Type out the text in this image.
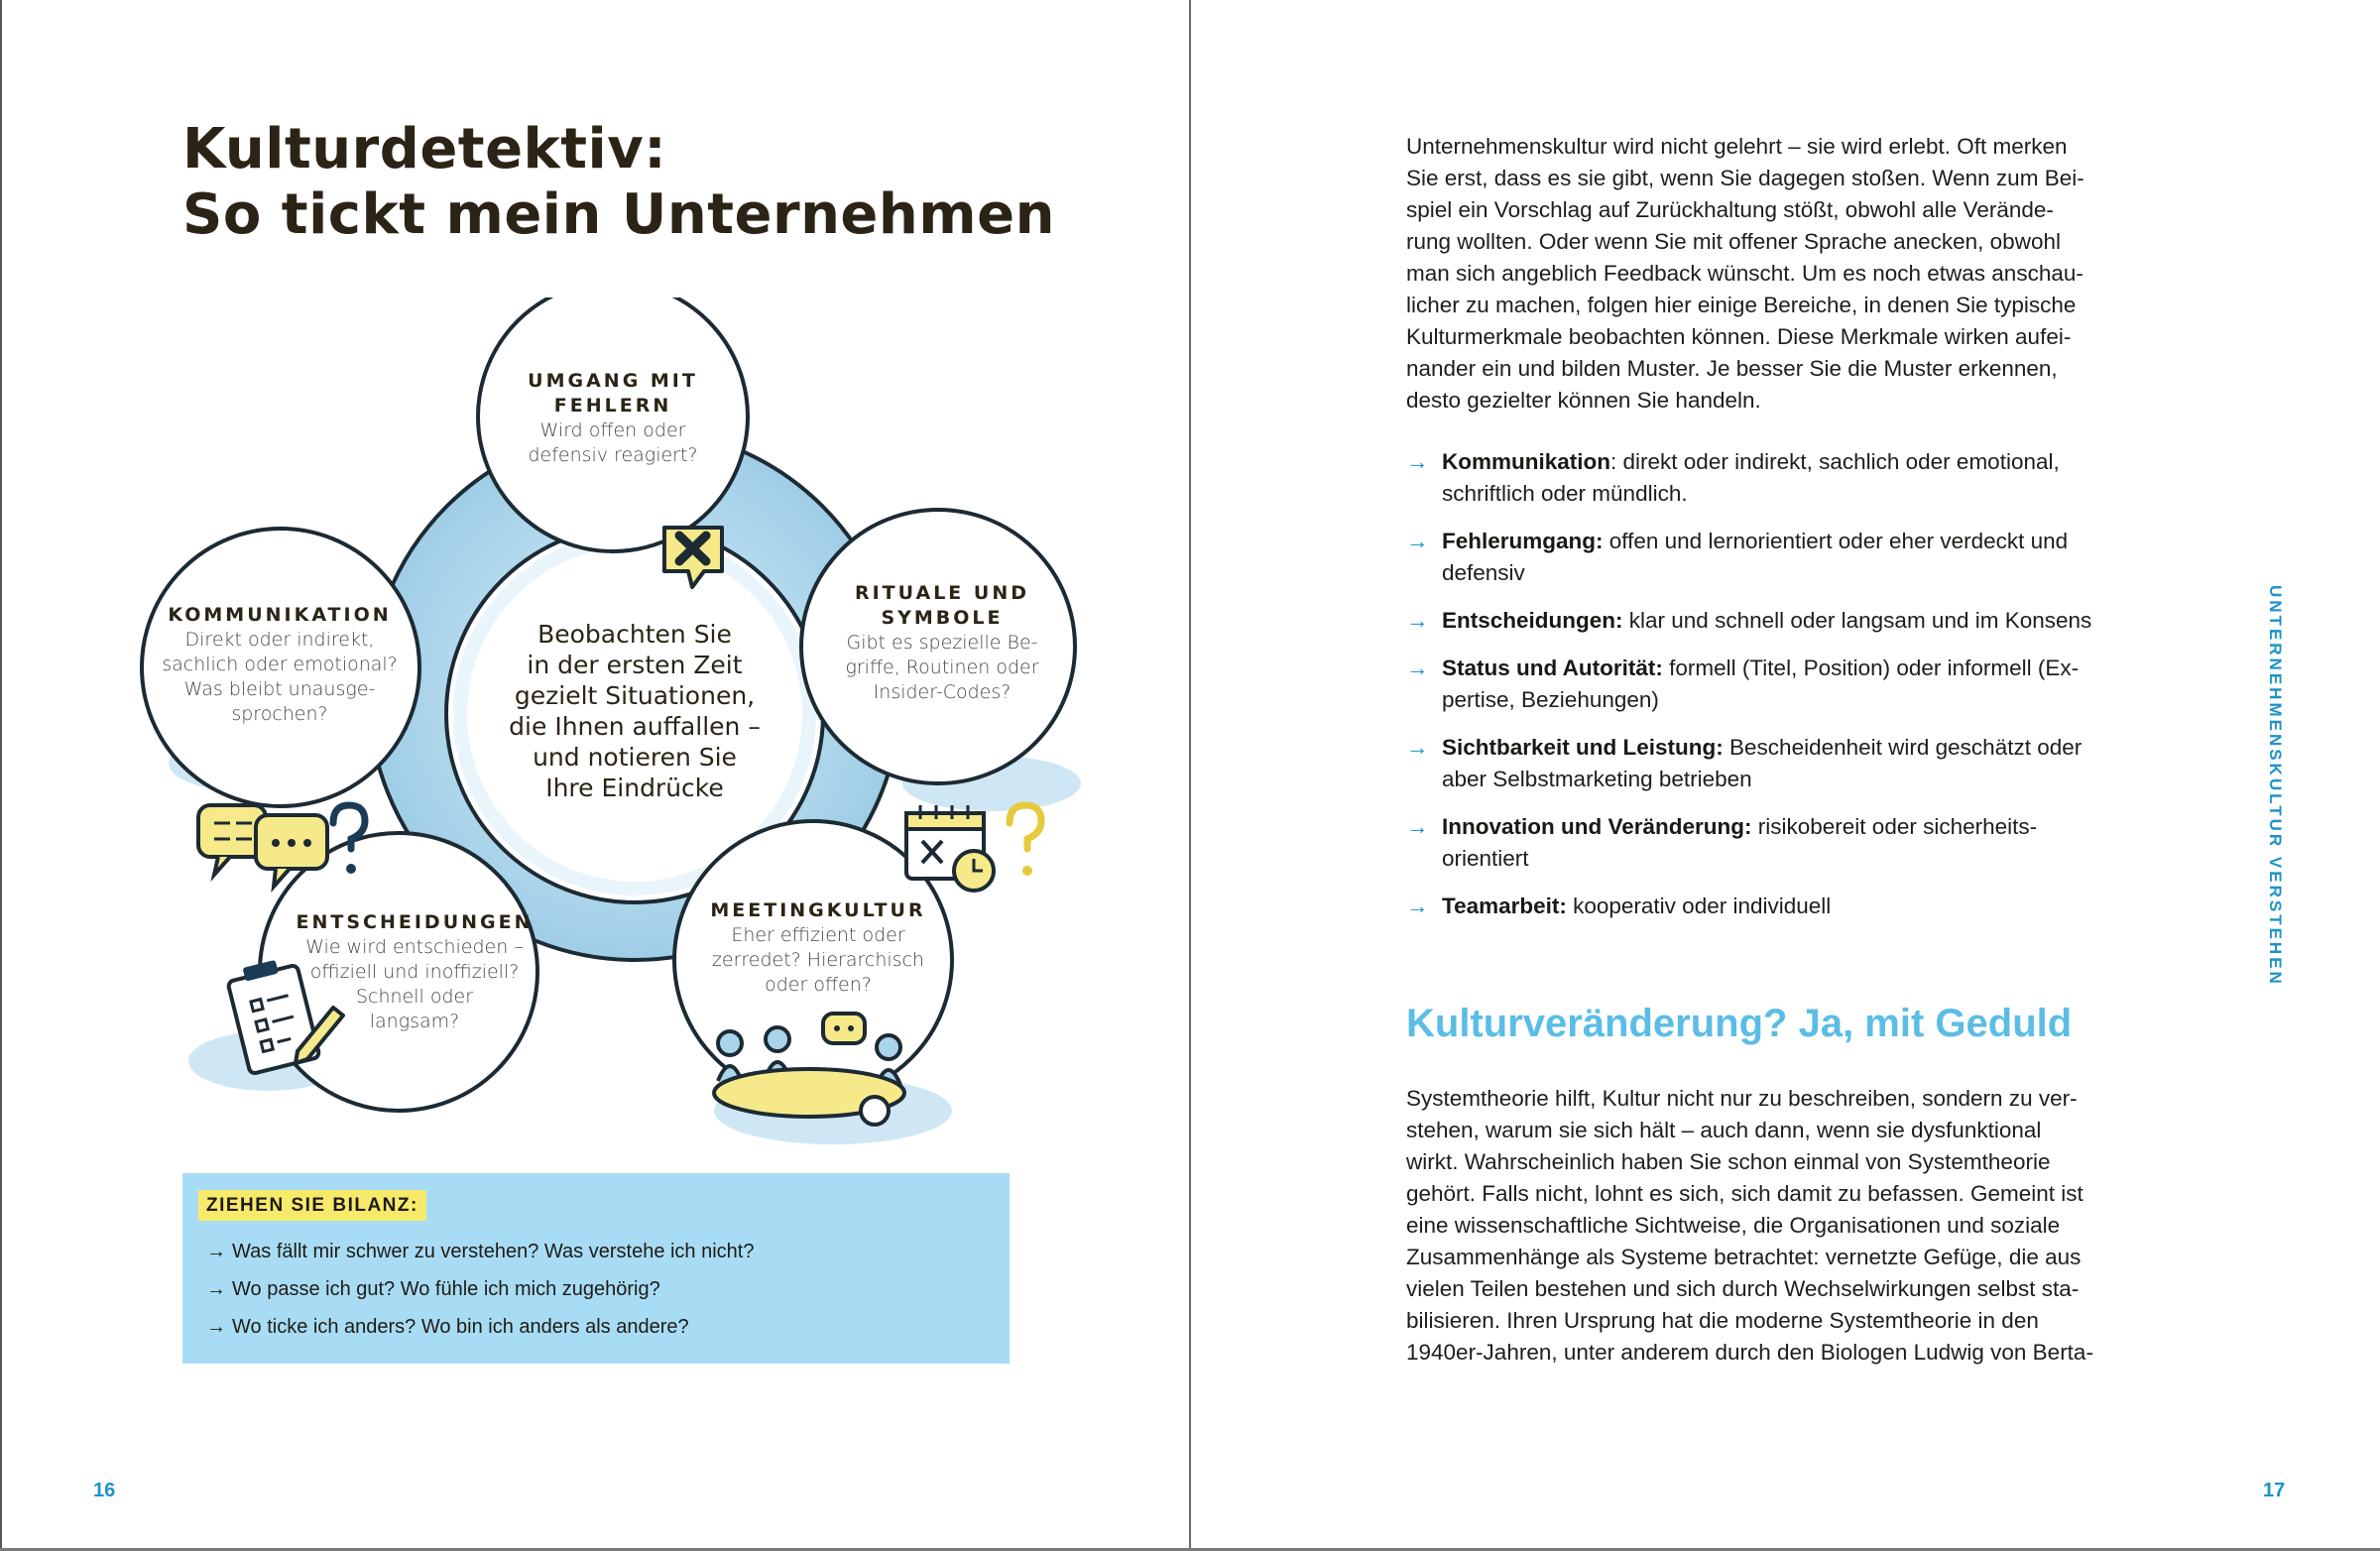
Kulturdetektiv:
So tickt mein Unternehmen
UMGANG MIT
FEHLERN
Wird offen oder
defensiv reagiert?
RITUALE UND
SYMBOLE
Gibt es spezielle Be-
griffe, Routinen oder
Insider-Codes?
KOMMUNIKATION
Direkt oder indirekt,
sachlich oder emotional?
Was bleibt unausge-
sprochen?
ENTSCHEIDUNGEN
Wie wird entschieden –
offiziell und inoffiziell?
Schnell oder
langsam?
MEETINGKULTUR
Eher effizient oder
zerredet? Hierarchisch
oder offen?
Beobachten Sie
in der ersten Zeit
gezielt Situationen,
die Ihnen auffallen –
und notieren Sie
Ihre Eindrücke
ZIEHEN SIE BILANZ:
→ Was fällt mir schwer zu verstehen? Was verstehe ich nicht?
→ Wo passe ich gut? Wo fühle ich mich zugehörig?
→ Wo ticke ich anders? Wo bin ich anders als andere?
16

Unternehmenskultur wird nicht gelehrt – sie wird erlebt. Oft merken
Sie erst, dass es sie gibt, wenn Sie dagegen stoßen. Wenn zum Bei-
spiel ein Vorschlag auf Zurückhaltung stößt, obwohl alle Verände-
rung wollten. Oder wenn Sie mit offener Sprache anecken, obwohl
man sich angeblich Feedback wünscht. Um es noch etwas anschau-
licher zu machen, folgen hier einige Bereiche, in denen Sie typische
Kulturmerkmale beobachten können. Diese Merkmale wirken aufei-
nander ein und bilden Muster. Je besser Sie die Muster erkennen,
desto gezielter können Sie handeln.

→ Kommunikation: direkt oder indirekt, sachlich oder emotional,
schriftlich oder mündlich.
→ Fehlerumgang: offen und lernorientiert oder eher verdeckt und
defensiv
→ Entscheidungen: klar und schnell oder langsam und im Konsens
→ Status und Autorität: formell (Titel, Position) oder informell (Ex-
pertise, Beziehungen)
→ Sichtbarkeit und Leistung: Bescheidenheit wird geschätzt oder
aber Selbstmarketing betrieben
→ Innovation und Veränderung: risikobereit oder sicherheits-
orientiert
→ Teamarbeit: kooperativ oder individuell
Kulturveränderung? Ja, mit Geduld

Systemtheorie hilft, Kultur nicht nur zu beschreiben, sondern zu ver-
stehen, warum sie sich hält – auch dann, wenn sie dysfunktional
wirkt. Wahrscheinlich haben Sie schon einmal von Systemtheorie
gehört. Falls nicht, lohnt es sich, sich damit zu befassen. Gemeint ist
eine wissenschaftliche Sichtweise, die Organisationen und soziale
Zusammenhänge als Systeme betrachtet: vernetzte Gefüge, die aus
vielen Teilen bestehen und sich durch Wechselwirkungen selbst sta-
bilisieren. Ihren Ursprung hat die moderne Systemtheorie in den
1940er-Jahren, unter anderem durch den Biologen Ludwig von Berta-

UNTERNEHMENSKULTUR VERSTEHEN
17
